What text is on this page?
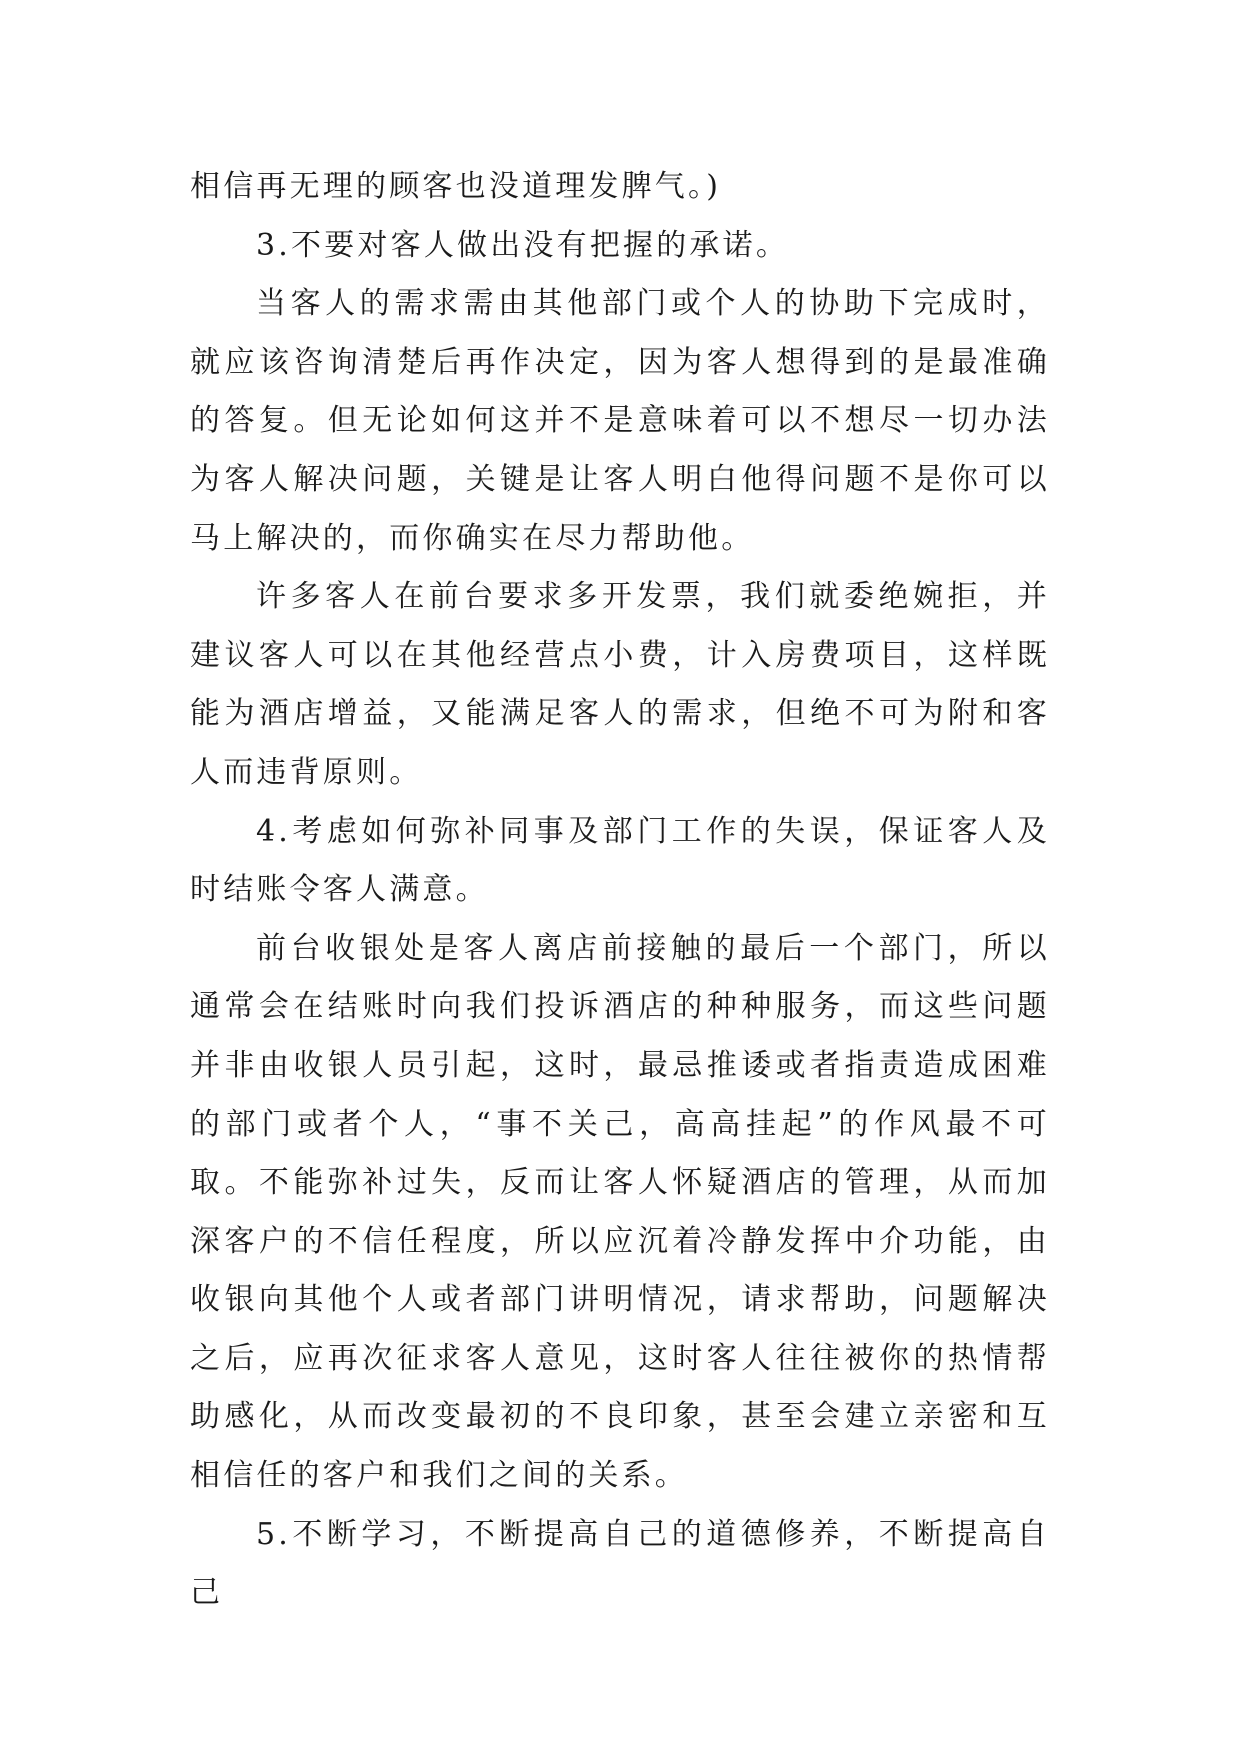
相信再无理的顾客也没道理发脾气。)

3.不要对客人做出没有把握的承诺。

当客人的需求需由其他部门或个人的协助下完成时，就应该咨询清楚后再作决定，因为客人想得到的是最准确的答复。但无论如何这并不是意味着可以不想尽一切办法为客人解决问题，关键是让客人明白他得问题不是你可以马上解决的，而你确实在尽力帮助他。

许多客人在前台要求多开发票，我们就委绝婉拒，并建议客人可以在其他经营点小费，计入房费项目，这样既能为酒店增益，又能满足客人的需求，但绝不可为附和客人而违背原则。

4.考虑如何弥补同事及部门工作的失误，保证客人及时结账令客人满意。

前台收银处是客人离店前接触的最后一个部门，所以通常会在结账时向我们投诉酒店的种种服务，而这些问题并非由收银人员引起，这时，最忌推诿或者指责造成困难的部门或者个人，“事不关己，高高挂起”的作风最不可取。不能弥补过失，反而让客人怀疑酒店的管理，从而加深客户的不信任程度，所以应沉着冷静发挥中介功能，由收银向其他个人或者部门讲明情况，请求帮助，问题解决之后，应再次征求客人意见，这时客人往往被你的热情帮助感化，从而改变最初的不良印象，甚至会建立亲密和互相信任的客户和我们之间的关系。

5.不断学习，不断提高自己的道德修养，不断提高自己
